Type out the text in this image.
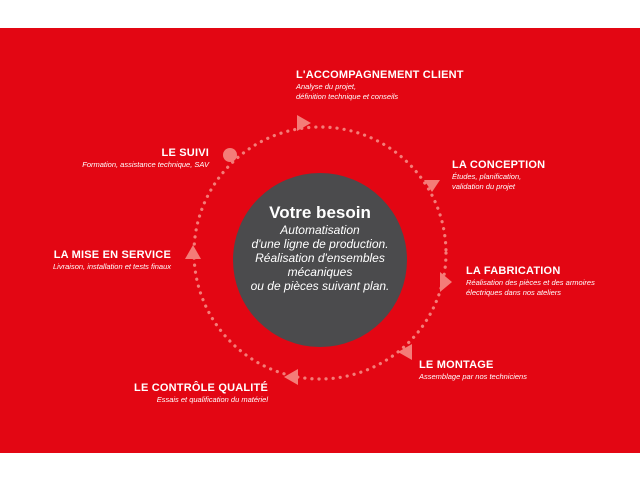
Votre besoin
Automatisation
d'une ligne de production.
Réalisation d'ensembles
mécaniques
ou de pièces suivant plan.
L'ACCOMPAGNEMENT CLIENT
Analyse du projet,
définition technique et conseils
LA CONCEPTION
Études, planification,
validation du projet
LA FABRICATION
Réalisation des pièces et des armoires
électriques dans nos ateliers
LE MONTAGE
Assemblage par nos techniciens
LE CONTRÔLE QUALITÉ
Essais et qualification du matériel
LA MISE EN SERVICE
Livraison, installation et tests finaux
LE SUIVI
Formation, assistance technique, SAV
